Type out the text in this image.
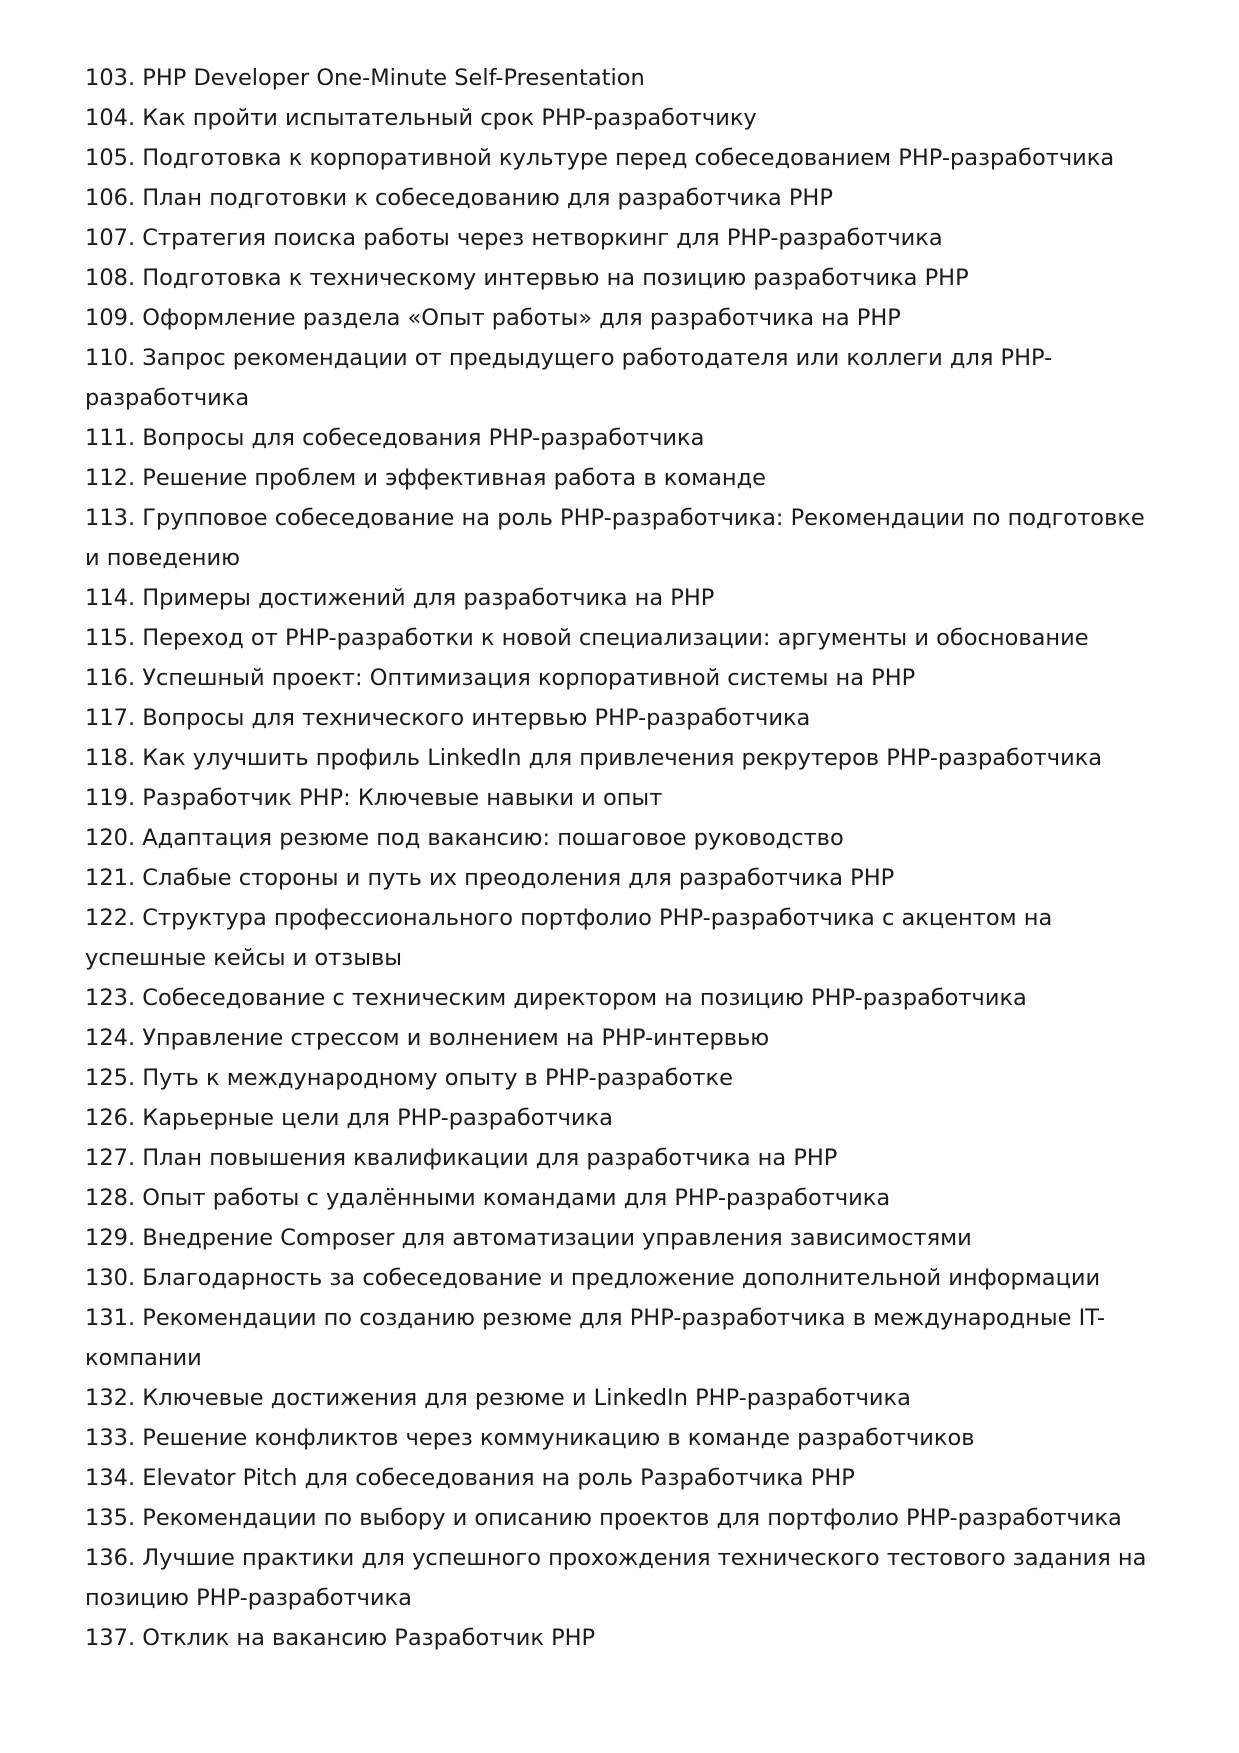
103. PHP Developer One-Minute Self-Presentation
104. Как пройти испытательный срок PHP-разработчику
105. Подготовка к корпоративной культуре перед собеседованием PHP-разработчика
106. План подготовки к собеседованию для разработчика PHP
107. Стратегия поиска работы через нетворкинг для PHP-разработчика
108. Подготовка к техническому интервью на позицию разработчика PHP
109. Оформление раздела «Опыт работы» для разработчика на PHP
110. Запрос рекомендации от предыдущего работодателя или коллеги для PHP-разработчика
111. Вопросы для собеседования PHP-разработчика
112. Решение проблем и эффективная работа в команде
113. Групповое собеседование на роль PHP-разработчика: Рекомендации по подготовке и поведению
114. Примеры достижений для разработчика на PHP
115. Переход от PHP-разработки к новой специализации: аргументы и обоснование
116. Успешный проект: Оптимизация корпоративной системы на PHP
117. Вопросы для технического интервью PHP-разработчика
118. Как улучшить профиль LinkedIn для привлечения рекрутеров PHP-разработчика
119. Разработчик PHP: Ключевые навыки и опыт
120. Адаптация резюме под вакансию: пошаговое руководство
121. Слабые стороны и путь их преодоления для разработчика PHP
122. Структура профессионального портфолио PHP-разработчика с акцентом на успешные кейсы и отзывы
123. Собеседование с техническим директором на позицию PHP-разработчика
124. Управление стрессом и волнением на PHP-интервью
125. Путь к международному опыту в PHP-разработке
126. Карьерные цели для PHP-разработчика
127. План повышения квалификации для разработчика на PHP
128. Опыт работы с удалёнными командами для PHP-разработчика
129. Внедрение Composer для автоматизации управления зависимостями
130. Благодарность за собеседование и предложение дополнительной информации
131. Рекомендации по созданию резюме для PHP-разработчика в международные IT-компании
132. Ключевые достижения для резюме и LinkedIn PHP-разработчика
133. Решение конфликтов через коммуникацию в команде разработчиков
134. Elevator Pitch для собеседования на роль Разработчика PHP
135. Рекомендации по выбору и описанию проектов для портфолио PHP-разработчика
136. Лучшие практики для успешного прохождения технического тестового задания на позицию PHP-разработчика
137. Отклик на вакансию Разработчик PHP
